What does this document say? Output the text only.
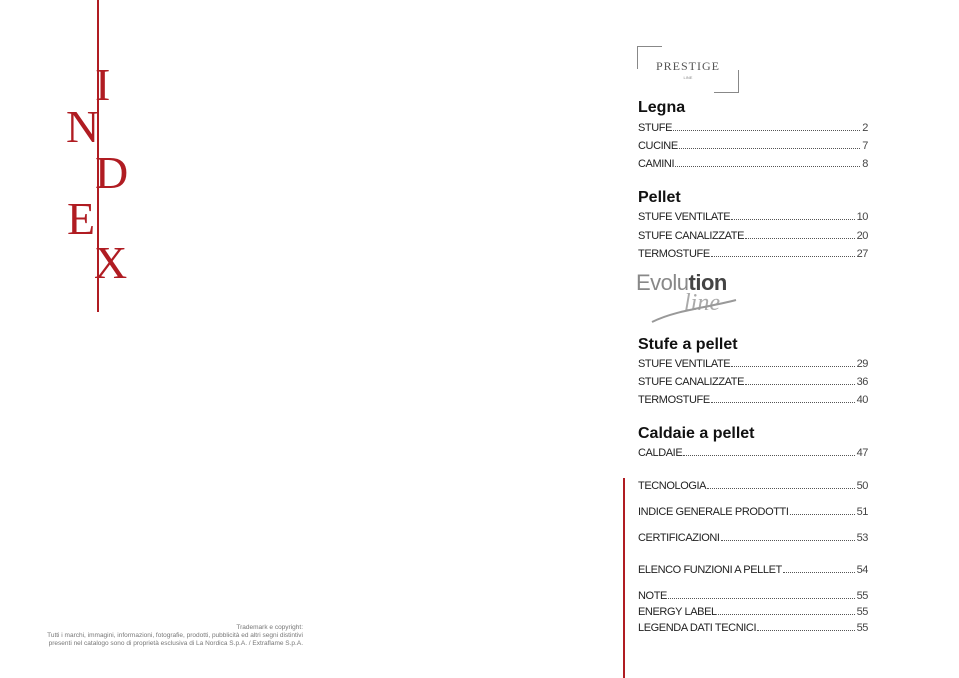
I
N
D
E
X
Trademark e copyright:
Tutti i marchi, immagini, informazioni, fotografie, prodotti, pubblicità ed altri segni distintivi
presenti nel catalogo sono di proprietà esclusiva di La Nordica S.p.A. / Extraflame S.p.A.
PRESTIGE
LINE
Legna
STUFE	2
CUCINE	7
CAMINI	8
Pellet
STUFE VENTILATE	10
STUFE CANALIZZATE	20
TERMOSTUFE	27
Evolution
line
Stufe a pellet
STUFE VENTILATE	29
STUFE CANALIZZATE	36
TERMOSTUFE	40
Caldaie a pellet
CALDAIE	47
TECNOLOGIA	50
INDICE GENERALE PRODOTTI	51
CERTIFICAZIONI	53
ELENCO FUNZIONI A PELLET	54
NOTE	55
ENERGY LABEL	55
LEGENDA DATI TECNICI	55
